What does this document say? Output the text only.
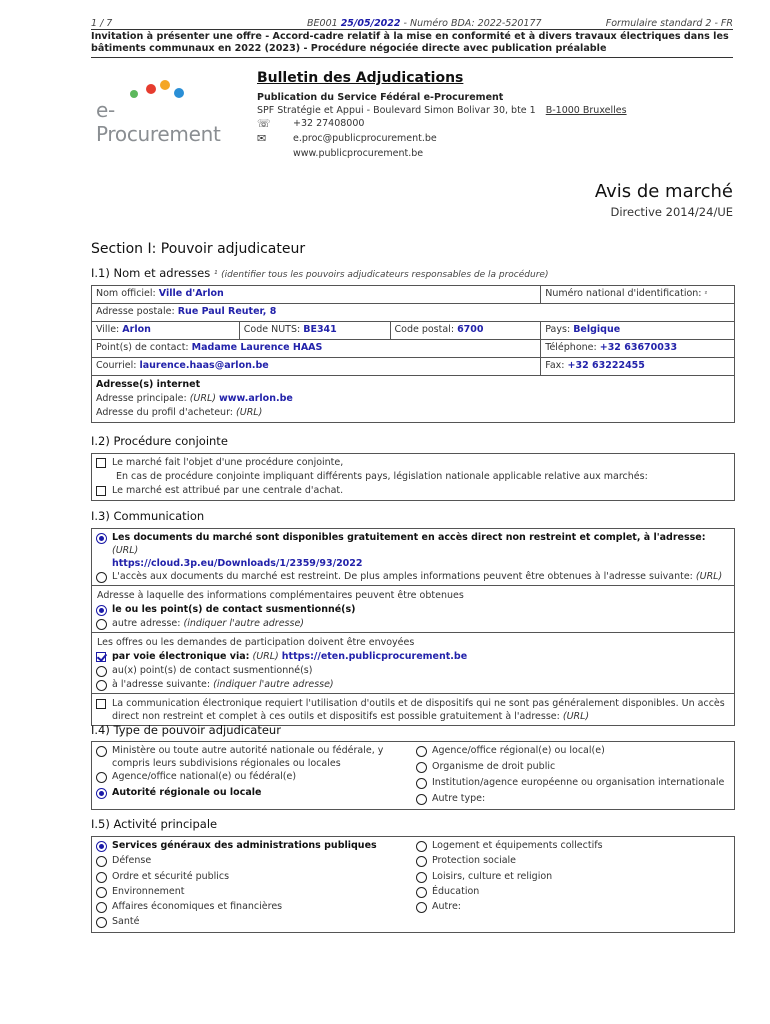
1 / 7	BE001 25/05/2022 - Numéro BDA: 2022-520177	Formulaire standard 2 - FR
Invitation à présenter une offre - Accord-cadre relatif à la mise en conformité et à divers travaux électriques dans les bâtiments communaux en 2022 (2023) - Procédure négociée directe avec publication préalable
e-Procurement
Bulletin des Adjudications
Publication du Service Fédéral e-Procurement
SPF Stratégie et Appui - Boulevard Simon Bolivar 30, bte 1 B-1000 Bruxelles
☏ +32 27408000
✉	e.proc@publicprocurement.be
www.publicprocurement.be
Avis de marché
Directive 2014/24/UE
Section I: Pouvoir adjudicateur
I.1) Nom et adresses ¹ (identifier tous les pouvoirs adjudicateurs responsables de la procédure)
Nom officiel: Ville d'Arlon			Numéro national d'identification: ²
Adresse postale: Rue Paul Reuter, 8			
Ville: Arlon	Code NUTS: BE341	Code postal: 6700	Pays: Belgique
Point(s) de contact: Madame Laurence HAAS			Téléphone: +32 63670033
Courriel: laurence.haas@arlon.be			Fax: +32 63222455

Adresse(s) internet
Adresse principale: (URL) www.arlon.be
Adresse du profil d'acheteur: (URL)			
I.2) Procédure conjointe
Le marché fait l'objet d'une procédure conjointe,
En cas de procédure conjointe impliquant différents pays, législation nationale applicable relative aux marchés:
Le marché est attribué par une centrale d'achat.
I.3) Communication
Les documents du marché sont disponibles gratuitement en accès direct non restreint et complet, à l'adresse: (URL)
https://cloud.3p.eu/Downloads/1/2359/93/2022
L'accès aux documents du marché est restreint. De plus amples informations peuvent être obtenues à l'adresse suivante: (URL)
Adresse à laquelle des informations complémentaires peuvent être obtenues
le ou les point(s) de contact susmentionné(s)
autre adresse: (indiquer l'autre adresse)
Les offres ou les demandes de participation doivent être envoyées
par voie électronique via: (URL) https://eten.publicprocurement.be
au(x) point(s) de contact susmentionné(s)
à l'adresse suivante: (indiquer l'autre adresse)
La communication électronique requiert l'utilisation d'outils et de dispositifs qui ne sont pas généralement disponibles. Un accès direct non restreint et complet à ces outils et dispositifs est possible gratuitement à l'adresse: (URL)
I.4) Type de pouvoir adjudicateur
Ministère ou toute autre autorité nationale ou fédérale, y compris leurs subdivisions régionales ou locales
Agence/office national(e) ou fédéral(e)
Autorité régionale ou locale
Agence/office régional(e) ou local(e)
Organisme de droit public
Institution/agence européenne ou organisation internationale
Autre type:
I.5) Activité principale
Services généraux des administrations publiques
Défense
Ordre et sécurité publics
Environnement
Affaires économiques et financières
Santé
Logement et équipements collectifs
Protection sociale
Loisirs, culture et religion
Éducation
Autre:
